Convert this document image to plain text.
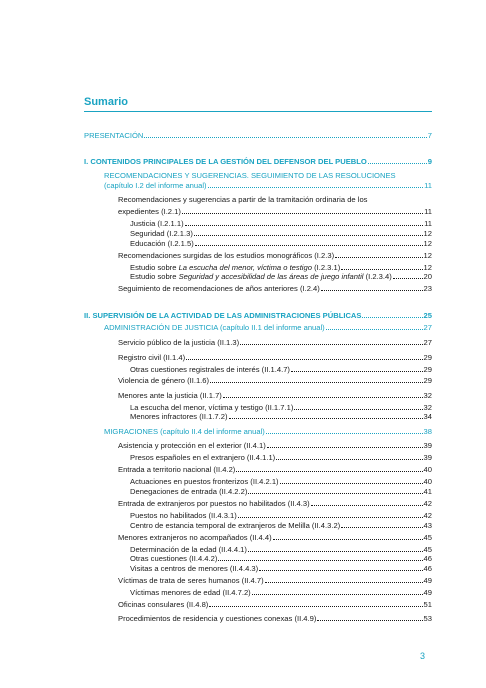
Sumario
PRESENTACIÓN	7
I. CONTENIDOS PRINCIPALES DE LA GESTIÓN DEL DEFENSOR DEL PUEBLO	9
RECOMENDACIONES Y SUGERENCIAS. SEGUIMIENTO DE LAS RESOLUCIONES
(capítulo I.2 del informe anual)	11
Recomendaciones y sugerencias a partir de la tramitación ordinaria de los
expedientes (I.2.1)	11
Justicia (I.2.1.1)	11
Seguridad (I.2.1.3)	12
Educación (I.2.1.5)	12
Recomendaciones surgidas de los estudios monográficos (I.2.3)	12
Estudio sobre La escucha del menor, víctima o testigo (I.2.3.1)	12
Estudio sobre Seguridad y accesibilidad de las áreas de juego infantil (I.2.3.4)	20
Seguimiento de recomendaciones de años anteriores (I.2.4)	23
II. SUPERVISIÓN DE LA ACTIVIDAD DE LAS ADMINISTRACIONES PÚBLICAS	25
ADMINISTRACIÓN DE JUSTICIA (capítulo II.1 del informe anual)	27
Servicio público de la justicia (II.1.3)	27
Registro civil (II.1.4)	29
Otras cuestiones registrales de interés (II.1.4.7)	29
Violencia de género (II.1.6)	29
Menores ante la justicia (II.1.7)	32
La escucha del menor, víctima y testigo (II.1.7.1)	32
Menores infractores (II.1.7.2)	34
MIGRACIONES (capítulo II.4 del informe anual)	38
Asistencia y protección en el exterior (II.4.1)	39
Presos españoles en el extranjero (II.4.1.1)	39
Entrada a territorio nacional (II.4.2)	40
Actuaciones en puestos fronterizos (II.4.2.1)	40
Denegaciones de entrada (II.4.2.2)	41
Entrada de extranjeros por puestos no habilitados (II.4.3)	42
Puestos no habilitados (II.4.3.1)	42
Centro de estancia temporal de extranjeros de Melilla (II.4.3.2)	43
Menores extranjeros no acompañados (II.4.4)	45
Determinación de la edad (II.4.4.1)	45
Otras cuestiones (II.4.4.2)	46
Visitas a centros de menores (II.4.4.3)	46
Víctimas de trata de seres humanos (II.4.7)	49
Víctimas menores de edad (II.4.7.2)	49
Oficinas consulares (II.4.8)	51
Procedimientos de residencia y cuestiones conexas (II.4.9)	53
3
